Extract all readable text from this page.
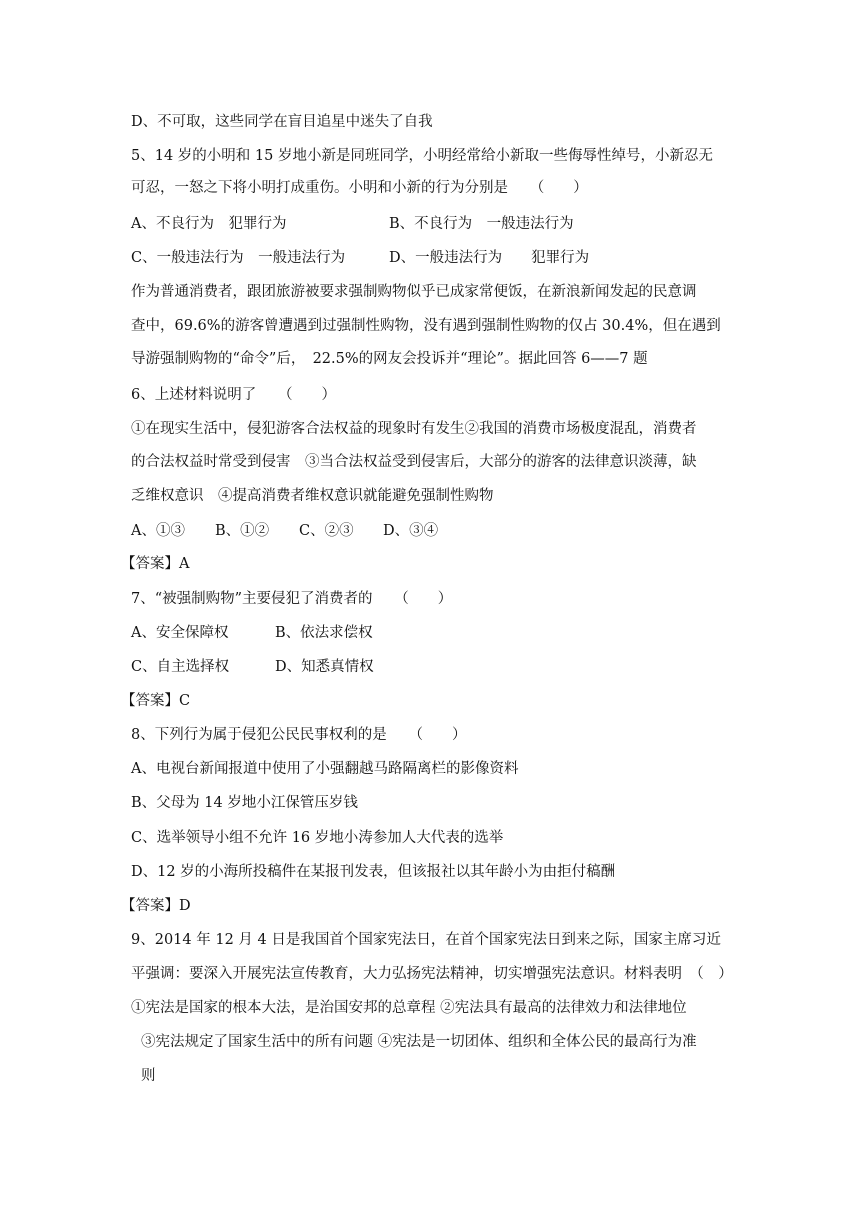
D、不可取，这些同学在盲目追星中迷失了自我
5、14 岁的小明和 15 岁地小新是同班同学，小明经常给小新取一些侮辱性绰号，小新忍无
可忍，一怒之下将小明打成重伤。小明和小新的行为分别是　　（　　）
A、不良行为　犯罪行为	B、不良行为　一般违法行为
C、一般违法行为　一般违法行为	D、一般违法行为　　犯罪行为
作为普通消费者，跟团旅游被要求强制购物似乎已成家常便饭，在新浪新闻发起的民意调
查中，69.6%的游客曾遭遇到过强制性购物，没有遇到强制性购物的仅占 30.4%，但在遇到
导游强制购物的“命令”后，　22.5%的网友会投诉并“理论”。据此回答 6——7 题
6、上述材料说明了　　（　　）
①在现实生活中，侵犯游客合法权益的现象时有发生②我国的消费市场极度混乱，消费者
的合法权益时常受到侵害　③当合法权益受到侵害后，大部分的游客的法律意识淡薄，缺
乏维权意识　④提高消费者维权意识就能避免强制性购物
A、①③ B、①② C、②③ D、③④
【答案】A
7、“被强制购物”主要侵犯了消费者的　　（　　）
A、安全保障权	B、依法求偿权
C、自主选择权	D、知悉真情权
【答案】C
8、下列行为属于侵犯公民民事权利的是　　（　　）
A、电视台新闻报道中使用了小强翻越马路隔离栏的影像资料
B、父母为 14 岁地小江保管压岁钱
C、选举领导小组不允许 16 岁地小涛参加人大代表的选举
D、12 岁的小海所投稿件在某报刊发表，但该报社以其年龄小为由拒付稿酬
【答案】D
9、2014 年 12 月 4 日是我国首个国家宪法日，在首个国家宪法日到来之际，国家主席习近
平强调：要深入开展宪法宣传教育，大力弘扬宪法精神，切实增强宪法意识。材料表明　（　）
①宪法是国家的根本大法，是治国安邦的总章程 ②宪法具有最高的法律效力和法律地位
③宪法规定了国家生活中的所有问题 ④宪法是一切团体、组织和全体公民的最高行为准
则
